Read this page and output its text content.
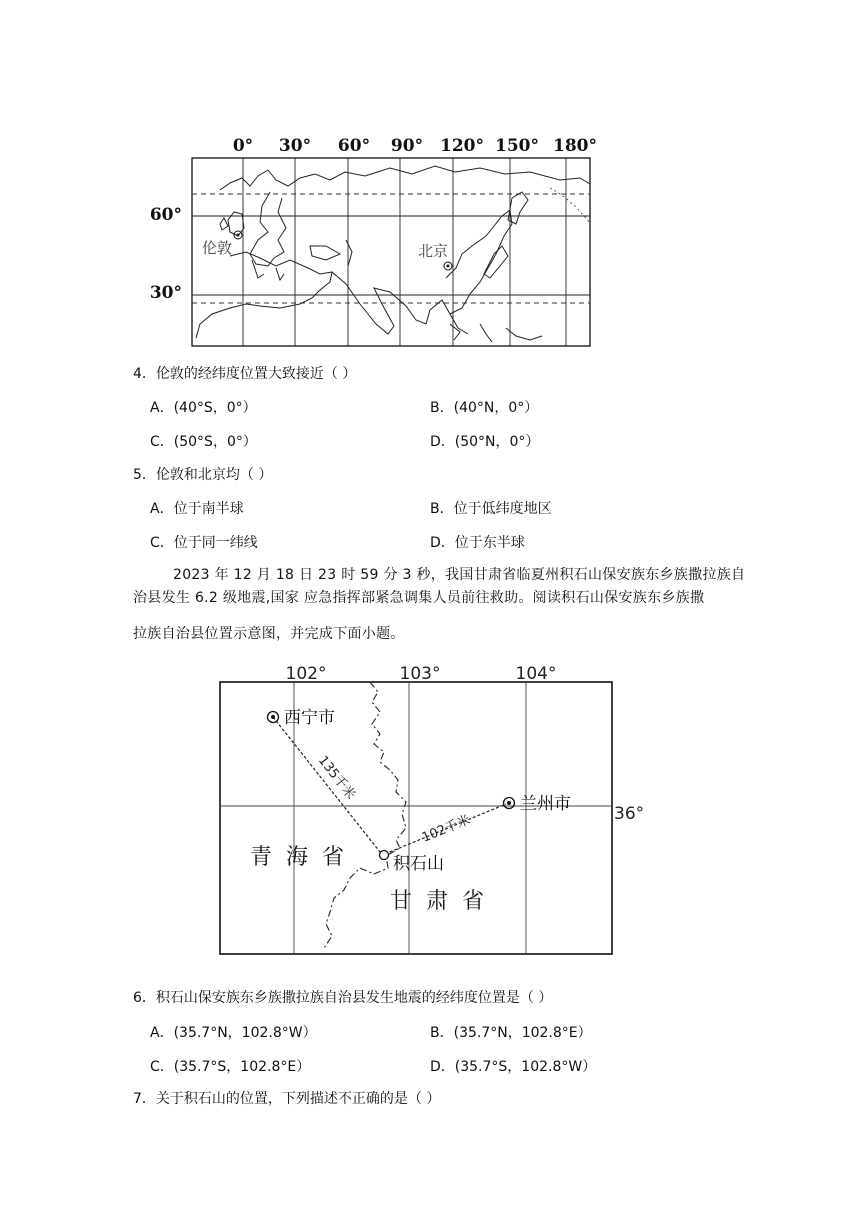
0° 30° 60° 90° 120° 150° 180°
60°
30°
伦敦	北京
4．伦敦的经纬度位置大致接近（ ）
A．(40°S，0°）	B．(40°N，0°）
C．(50°S，0°）	D．(50°N，0°）
5．伦敦和北京均（ ）
A．位于南半球	B．位于低纬度地区
C．位于同一纬线	D．位于东半球
2023 年 12 月 18 日 23 时 59 分 3 秒，我国甘肃省临夏州积石山保安族东乡族撒拉族自
治县发生 6.2 级地震,国家 应急指挥部紧急调集人员前往救助。阅读积石山保安族东乡族撒
拉族自治县位置示意图，并完成下面小题。
102°	103°	104°
36°
西宁市
兰州市
积石山
135千米
102千米
青  海  省
甘  肃  省
6．积石山保安族东乡族撒拉族自治县发生地震的经纬度位置是（ ）
A．(35.7°N，102.8°W）	B．(35.7°N，102.8°E）
C．(35.7°S，102.8°E）	D．(35.7°S，102.8°W）
7．关于积石山的位置，下列描述不正确的是（ ）
